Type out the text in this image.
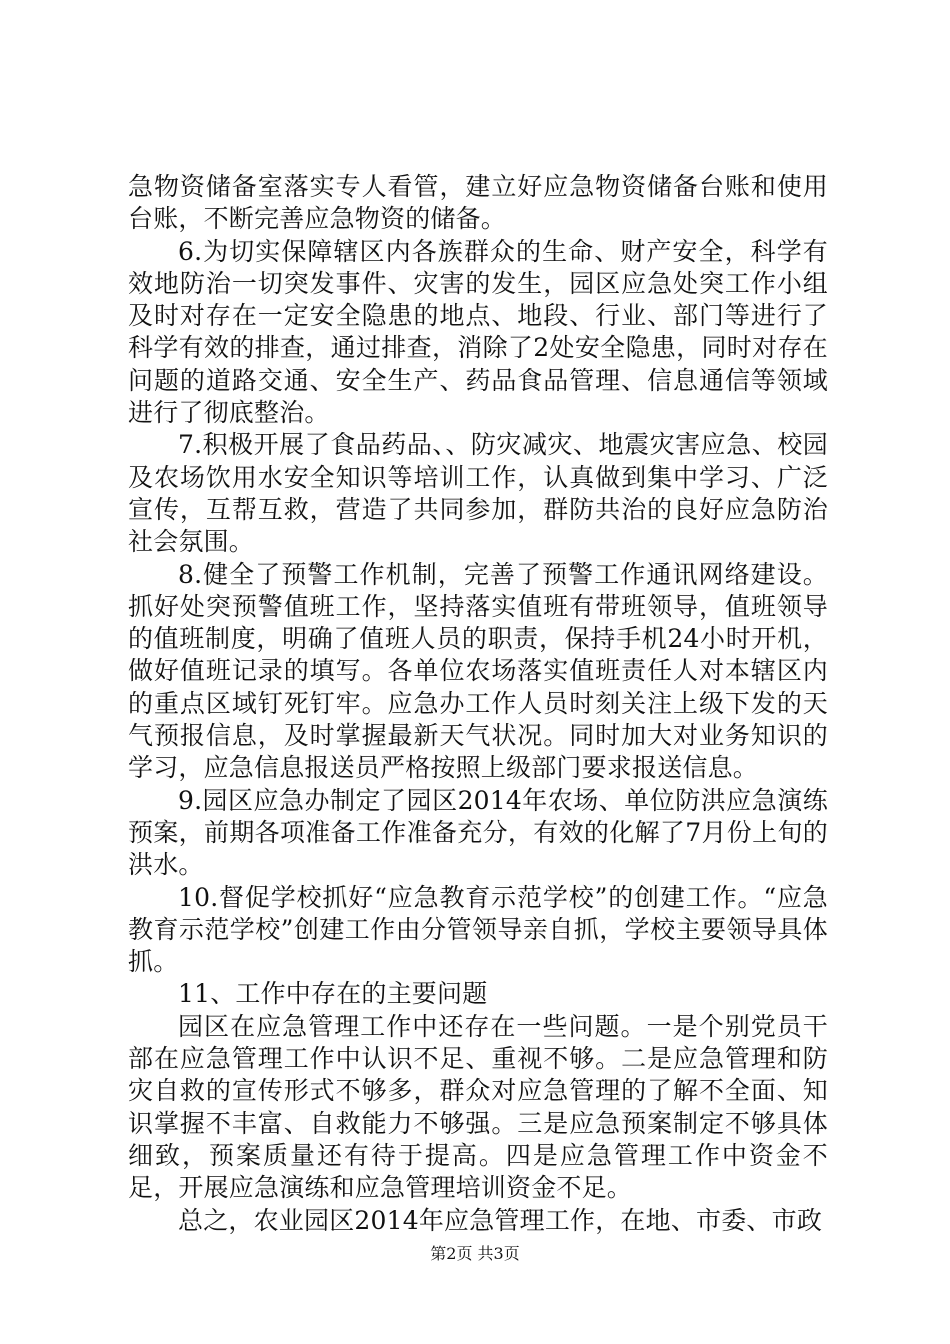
急物资储备室落实专人看管，建立好应急物资储备台账和使用台账，不断完善应急物资的储备。

6.为切实保障辖区内各族群众的生命、财产安全，科学有效地防治一切突发事件、灾害的发生，园区应急处突工作小组及时对存在一定安全隐患的地点、地段、行业、部门等进行了科学有效的排查，通过排查，消除了2处安全隐患，同时对存在问题的道路交通、安全生产、药品食品管理、信息通信等领域进行了彻底整治。

7.积极开展了食品药品、、防灾减灾、地震灾害应急、校园及农场饮用水安全知识等培训工作，认真做到集中学习、广泛宣传，互帮互救，营造了共同参加，群防共治的良好应急防治社会氛围。

8.健全了预警工作机制，完善了预警工作通讯网络建设。抓好处突预警值班工作，坚持落实值班有带班领导，值班领导的值班制度，明确了值班人员的职责，保持手机24小时开机，做好值班记录的填写。各单位农场落实值班责任人对本辖区内的重点区域钉死钉牢。应急办工作人员时刻关注上级下发的天气预报信息，及时掌握最新天气状况。同时加大对业务知识的学习，应急信息报送员严格按照上级部门要求报送信息。

9.园区应急办制定了园区2014年农场、单位防洪应急演练预案，前期各项准备工作准备充分，有效的化解了7月份上旬的洪水。

10.督促学校抓好“应急教育示范学校”的创建工作。“应急教育示范学校”创建工作由分管领导亲自抓，学校主要领导具体抓。

11、工作中存在的主要问题

园区在应急管理工作中还存在一些问题。一是个别党员干部在应急管理工作中认识不足、重视不够。二是应急管理和防灾自救的宣传形式不够多，群众对应急管理的了解不全面、知识掌握不丰富、自救能力不够强。三是应急预案制定不够具体细致，预案质量还有待于提高。四是应急管理工作中资金不足，开展应急演练和应急管理培训资金不足。

总之，农业园区2014年应急管理工作，在地、市委、市政

第2页 共3页
